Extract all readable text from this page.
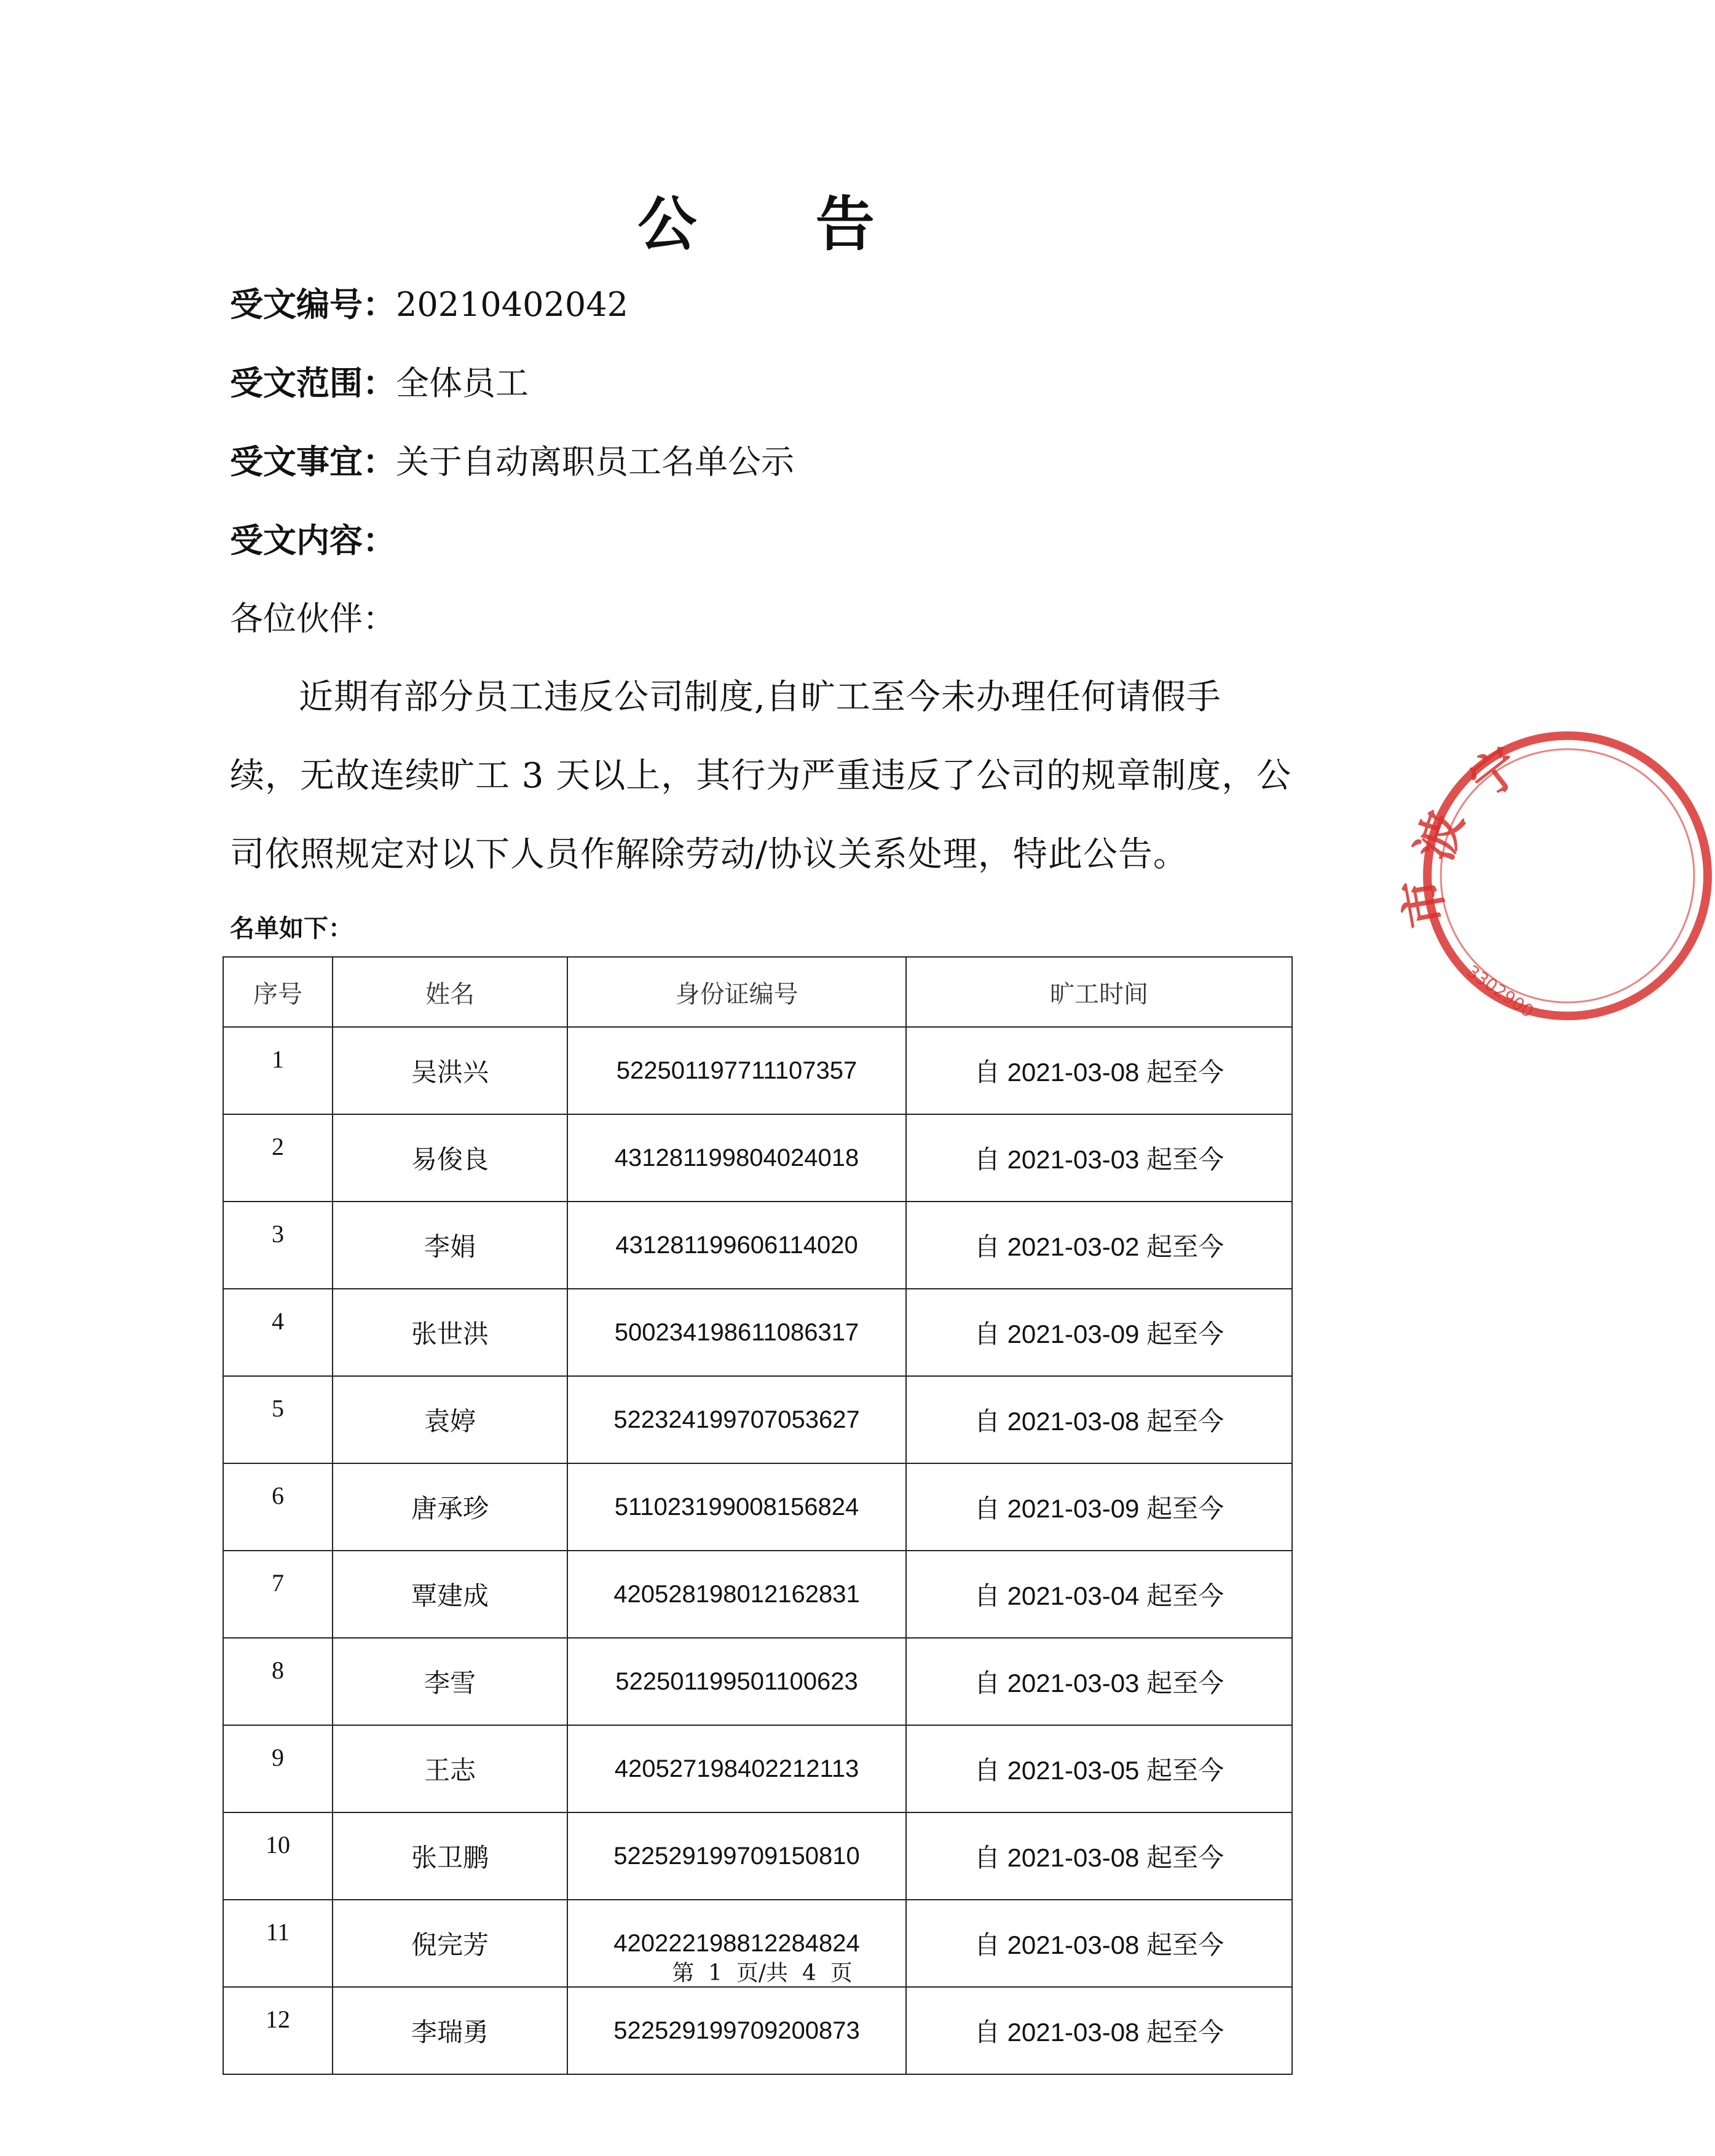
公 告
受文编号：20210402042
受文范围：全体员工
受文事宜：关于自动离职员工名单公示
受文内容：
各位伙伴：
近期有部分员工违反公司制度,自旷工至今未办理任何请假手
续，无故连续旷工 3 天以上，其行为严重违反了公司的规章制度，公
司依照规定对以下人员作解除劳动/协议关系处理，特此公告。
名单如下：
序号	姓名	身份证编号	旷工时间
1	吴洪兴	522501197711107357	自 2021-03-08 起至今
2	易俊良	431281199804024018	自 2021-03-03 起至今
3	李娟	431281199606114020	自 2021-03-02 起至今
4	张世洪	500234198611086317	自 2021-03-09 起至今
5	袁婷	522324199707053627	自 2021-03-08 起至今
6	唐承珍	511023199008156824	自 2021-03-09 起至今
7	覃建成	420528198012162831	自 2021-03-04 起至今
8	李雪	522501199501100623	自 2021-03-03 起至今
9	王志	420527198402212113	自 2021-03-05 起至今
10	张卫鹏	522529199709150810	自 2021-03-08 起至今
11	倪完芳	420222198812284824	自 2021-03-08 起至今
12	李瑞勇	522529199709200873	自 2021-03-08 起至今
第  1  页/共  4  页
宁
波
市
3302900
